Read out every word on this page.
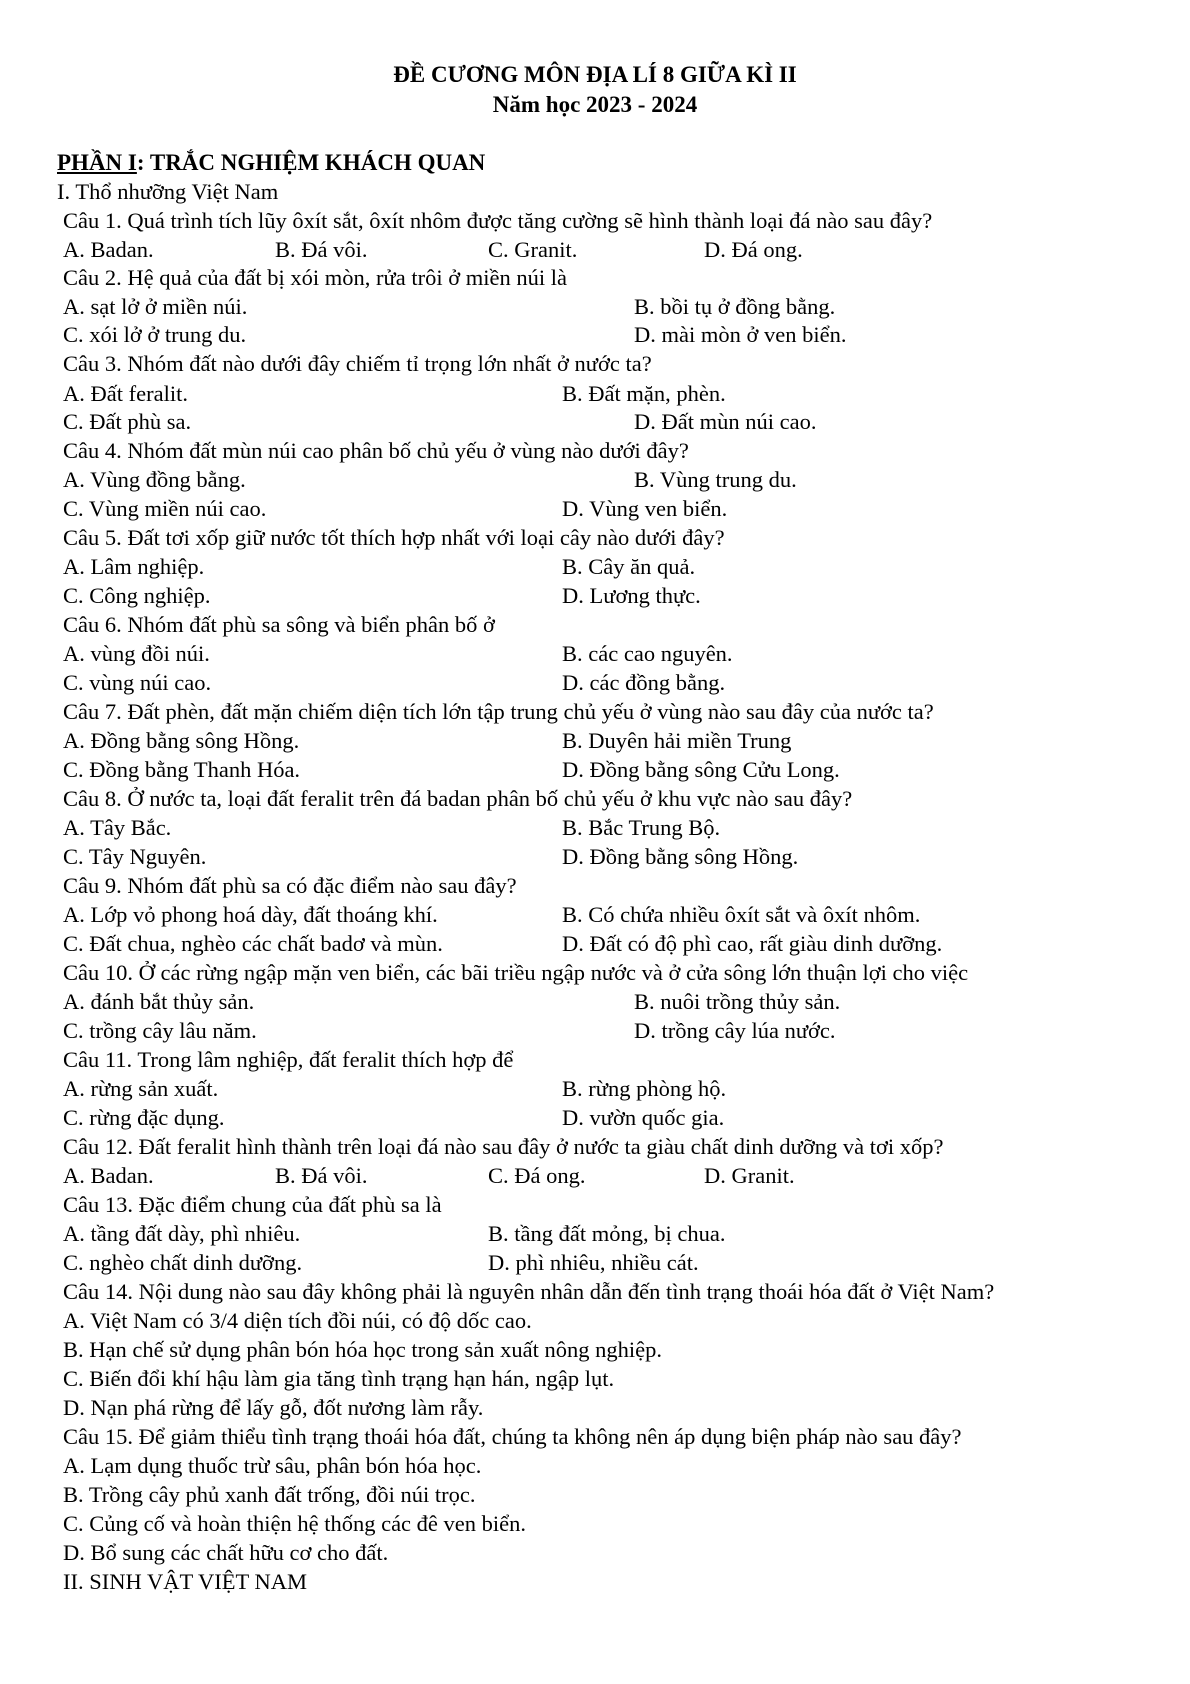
ĐỀ CƯƠNG MÔN ĐỊA LÍ 8 GIỮA KÌ II
Năm học 2023 - 2024
PHẦN I: TRẮC NGHIỆM KHÁCH QUAN
I. Thổ nhưỡng Việt Nam
Câu 1. Quá trình tích lũy ôxít sắt, ôxít nhôm được tăng cường sẽ hình thành loại đá nào sau đây?
A. Badan.	B. Đá vôi.	C. Granit.	D. Đá ong.
Câu 2. Hệ quả của đất bị xói mòn, rửa trôi ở miền núi là
A. sạt lở ở miền núi.	B. bồi tụ ở đồng bằng.
C. xói lở ở trung du.	D. mài mòn ở ven biển.
Câu 3. Nhóm đất nào dưới đây chiếm tỉ trọng lớn nhất ở nước ta?
A. Đất feralit.	B. Đất mặn, phèn.
C. Đất phù sa.	D. Đất mùn núi cao.
Câu 4. Nhóm đất mùn núi cao phân bố chủ yếu ở vùng nào dưới đây?
A. Vùng đồng bằng.	B. Vùng trung du.
C. Vùng miền núi cao.	D. Vùng ven biển.
Câu 5. Đất tơi xốp giữ nước tốt thích hợp nhất với loại cây nào dưới đây?
A. Lâm nghiệp.	B. Cây ăn quả.
C. Công nghiệp.	D. Lương thực.
Câu 6. Nhóm đất phù sa sông và biển phân bố ở
A. vùng đồi núi.	B. các cao nguyên.
C. vùng núi cao.	D. các đồng bằng.
Câu 7. Đất phèn, đất mặn chiếm diện tích lớn tập trung chủ yếu ở vùng nào sau đây của nước ta?
A. Đồng bằng sông Hồng.	B. Duyên hải miền Trung
C. Đồng bằng Thanh Hóa.	D. Đồng bằng sông Cửu Long.
Câu 8. Ở nước ta, loại đất feralit trên đá badan phân bố chủ yếu ở khu vực nào sau đây?
A. Tây Bắc.	B. Bắc Trung Bộ.
C. Tây Nguyên.	D. Đồng bằng sông Hồng.
Câu 9. Nhóm đất phù sa có đặc điểm nào sau đây?
A. Lớp vỏ phong hoá dày, đất thoáng khí.	B. Có chứa nhiều ôxít sắt và ôxít nhôm.
C. Đất chua, nghèo các chất badơ và mùn.	D. Đất có độ phì cao, rất giàu dinh dưỡng.
Câu 10. Ở các rừng ngập mặn ven biển, các bãi triều ngập nước và ở cửa sông lớn thuận lợi cho việc
A. đánh bắt thủy sản.	B. nuôi trồng thủy sản.
C. trồng cây lâu năm.	D. trồng cây lúa nước.
Câu 11. Trong lâm nghiệp, đất feralit thích hợp để
A. rừng sản xuất.	B. rừng phòng hộ.
C. rừng đặc dụng.	D. vườn quốc gia.
Câu 12. Đất feralit hình thành trên loại đá nào sau đây ở nước ta giàu chất dinh dưỡng và tơi xốp?
A. Badan.	B. Đá vôi.	C. Đá ong.	D. Granit.
Câu 13. Đặc điểm chung của đất phù sa là
A. tầng đất dày, phì nhiêu.	B. tầng đất mỏng, bị chua.
C. nghèo chất dinh dưỡng.	D. phì nhiêu, nhiều cát.
Câu 14. Nội dung nào sau đây không phải là nguyên nhân dẫn đến tình trạng thoái hóa đất ở Việt Nam?
A. Việt Nam có 3/4 diện tích đồi núi, có độ dốc cao.
B. Hạn chế sử dụng phân bón hóa học trong sản xuất nông nghiệp.
C. Biến đổi khí hậu làm gia tăng tình trạng hạn hán, ngập lụt.
D. Nạn phá rừng để lấy gỗ, đốt nương làm rẫy.
Câu 15. Để giảm thiểu tình trạng thoái hóa đất, chúng ta không nên áp dụng biện pháp nào sau đây?
A. Lạm dụng thuốc trừ sâu, phân bón hóa học.
B. Trồng cây phủ xanh đất trống, đồi núi trọc.
C. Củng cố và hoàn thiện hệ thống các đê ven biển.
D. Bổ sung các chất hữu cơ cho đất.
II. SINH VẬT VIỆT NAM
